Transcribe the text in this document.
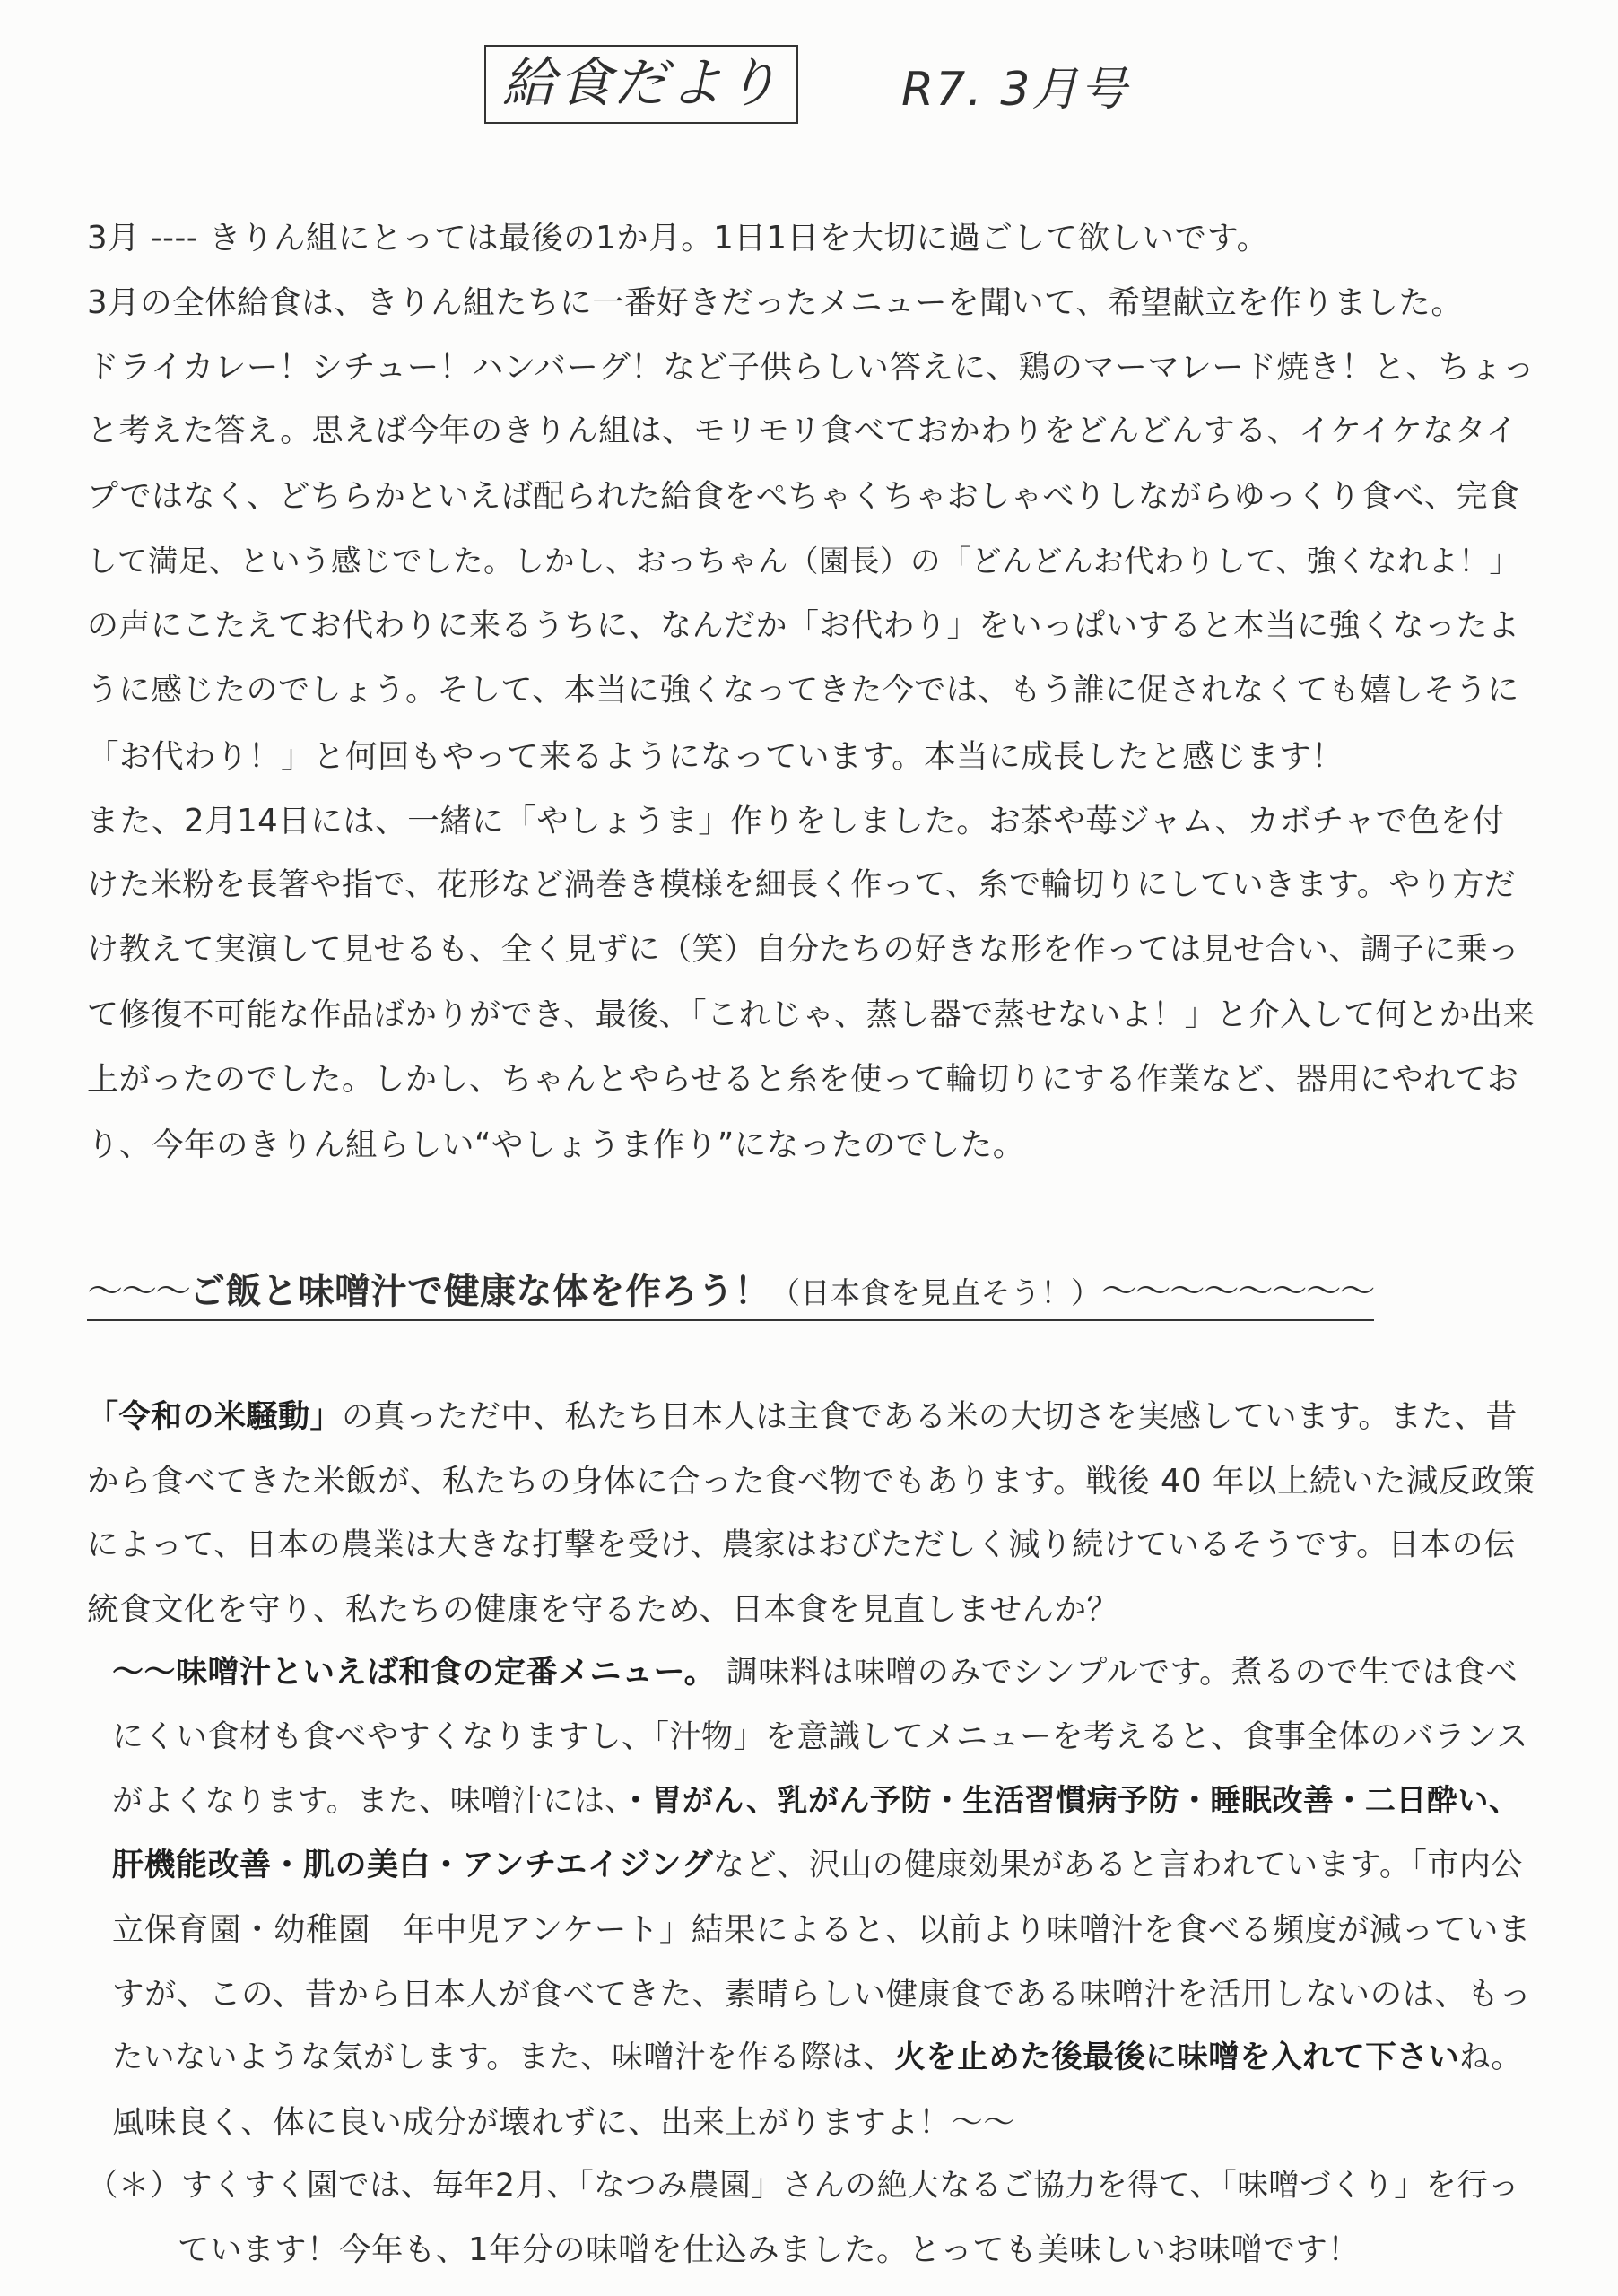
給食だより	R7. 3月号

3月 ---- きりん組にとっては最後の1か月。1日1日を大切に過ごして欲しいです。

3月の全体給食は、きりん組たちに一番好きだったメニューを聞いて、希望献立を作りました。

ドライカレー！シチュー！ハンバーグ！など子供らしい答えに、鶏のマーマレード焼き！と、ちょっ

と考えた答え。思えば今年のきりん組は、モリモリ食べておかわりをどんどんする、イケイケなタイ

プではなく、どちらかといえば配られた給食をぺちゃくちゃおしゃべりしながらゆっくり食べ、完食

して満足、という感じでした。しかし、おっちゃん（園長）の「どんどんお代わりして、強くなれよ！」

の声にこたえてお代わりに来るうちに、なんだか「お代わり」をいっぱいすると本当に強くなったよ

うに感じたのでしょう。そして、本当に強くなってきた今では、もう誰に促されなくても嬉しそうに

「お代わり！」と何回もやって来るようになっています。本当に成長したと感じます！

また、2月14日には、一緒に「やしょうま」作りをしました。お茶や苺ジャム、カボチャで色を付

けた米粉を長箸や指で、花形など渦巻き模様を細長く作って、糸で輪切りにしていきます。やり方だ

け教えて実演して見せるも、全く見ずに（笑）自分たちの好きな形を作っては見せ合い、調子に乗っ

て修復不可能な作品ばかりができ、最後、「これじゃ、蒸し器で蒸せないよ！」と介入して何とか出来

上がったのでした。しかし、ちゃんとやらせると糸を使って輪切りにする作業など、器用にやれてお

り、今年のきりん組らしい“やしょうま作り”になったのでした。

～～～ご飯と味噌汁で健康な体を作ろう！（日本食を見直そう！）～～～～～～～～

「令和の米騒動」の真っただ中、私たち日本人は主食である米の大切さを実感しています。また、昔

から食べてきた米飯が、私たちの身体に合った食べ物でもあります。戦後 40 年以上続いた減反政策

によって、日本の農業は大きな打撃を受け、農家はおびただしく減り続けているそうです。日本の伝

統食文化を守り、私たちの健康を守るため、日本食を見直しませんか？

～～味噌汁といえば和食の定番メニュー。 調味料は味噌のみでシンプルです。煮るので生では食べ

にくい食材も食べやすくなりますし、「汁物」を意識してメニューを考えると、食事全体のバランス

がよくなります。また、味噌汁には、・胃がん、乳がん予防・生活習慣病予防・睡眠改善・二日酔い、

肝機能改善・肌の美白・アンチエイジングなど、沢山の健康効果があると言われています。「市内公

立保育園・幼稚園　年中児アンケート」結果によると、以前より味噌汁を食べる頻度が減っていま

すが、この、昔から日本人が食べてきた、素晴らしい健康食である味噌汁を活用しないのは、もっ

たいないような気がします。また、味噌汁を作る際は、火を止めた後最後に味噌を入れて下さいね。

風味良く、体に良い成分が壊れずに、出来上がりますよ！～～

（＊）すくすく園では、毎年2月、「なつみ農園」さんの絶大なるご協力を得て、「味噌づくり」を行っ

ています！今年も、1年分の味噌を仕込みました。とっても美味しいお味噌です！
